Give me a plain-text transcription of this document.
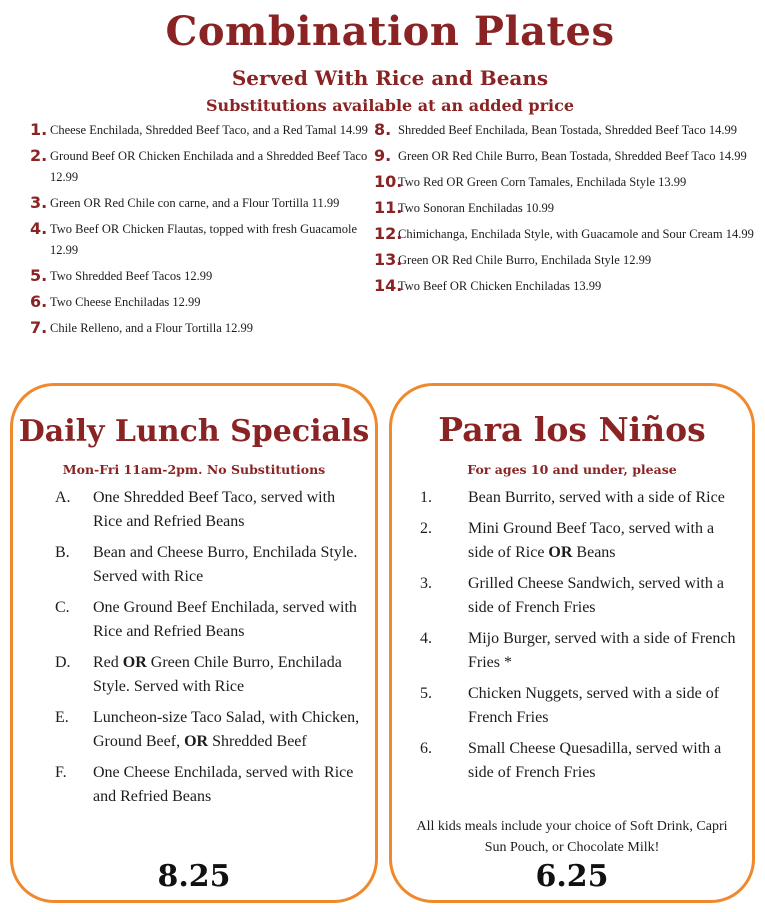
Combination Plates
Served With Rice and Beans
Substitutions available at an added price
1. Cheese Enchilada, Shredded Beef Taco, and a Red Tamal 14.99
2. Ground Beef OR Chicken Enchilada and a Shredded Beef Taco 12.99
3. Green OR Red Chile con carne, and a Flour Tortilla 11.99
4. Two Beef OR Chicken Flautas, topped with fresh Guacamole 12.99
5. Two Shredded Beef Tacos 12.99
6. Two Cheese Enchiladas 12.99
7. Chile Relleno, and a Flour Tortilla 12.99
8. Shredded Beef Enchilada, Bean Tostada, Shredded Beef Taco 14.99
9. Green OR Red Chile Burro, Bean Tostada, Shredded Beef Taco 14.99
10.
Two Red OR Green Corn Tamales, Enchilada Style 13.99
11.
Two Sonoran Enchiladas 10.99
12.
Chimichanga, Enchilada Style, with Guacamole and Sour Cream 14.99
13.
Green OR Red Chile Burro, Enchilada Style 12.99
14.
Two Beef OR Chicken Enchiladas 13.99
Daily Lunch Specials
Mon-Fri 11am-2pm. No Substitutions
A. One Shredded Beef Taco, served with Rice and Refried Beans
B. Bean and Cheese Burro, Enchilada Style. Served with Rice
C. One Ground Beef Enchilada, served with Rice and Refried Beans
D. Red OR Green Chile Burro, Enchilada Style. Served with Rice
E. Luncheon-size Taco Salad, with Chicken, Ground Beef, OR Shredded Beef
F. One Cheese Enchilada, served with Rice and Refried Beans
8.25
Para los Niños
For ages 10 and under, please
1. Bean Burrito, served with a side of Rice
2. Mini Ground Beef Taco, served with a side of Rice OR Beans
3. Grilled Cheese Sandwich, served with a side of French Fries
4. Mijo Burger, served with a side of French Fries *
5. Chicken Nuggets, served with a side of French Fries
6. Small Cheese Quesadilla, served with a side of French Fries
All kids meals include your choice of Soft Drink, Capri Sun Pouch, or Chocolate Milk!
6.25
